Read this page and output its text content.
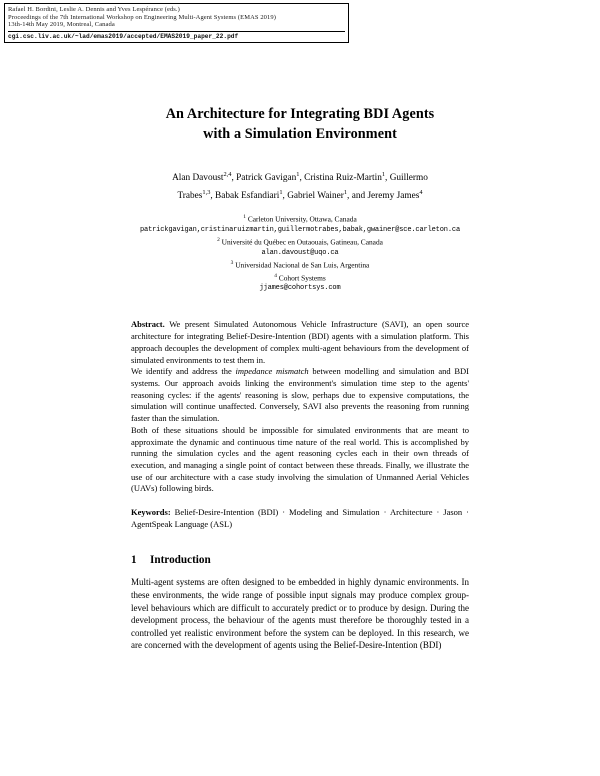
Rafael H. Bordini, Leslie A. Dennis and Yves Lespérance (eds.)
Proceedings of the 7th International Workshop on Engineering Multi-Agent Systems (EMAS 2019)
13th-14th May 2019, Montreal, Canada
cgi.csc.liv.ac.uk/~lad/emas2019/accepted/EMAS2019_paper_22.pdf
An Architecture for Integrating BDI Agents
with a Simulation Environment
Alan Davoust$^{2,4}$, Patrick Gavigan$^1$, Cristina Ruiz-Martin$^1$, Guillermo
Trabes$^{1,3}$, Babak Esfandiari$^1$, Gabriel Wainer$^1$, and Jeremy James$^4$
$^1$ Carleton University, Ottawa, Canada
patrickgavigan,cristinaruizmartin,guillermotrabes,babak,gwainer@sce.carleton.ca
$^2$ Université du Québec en Outaouais, Gatineau, Canada
alan.davoust@uqo.ca
$^3$ Universidad Nacional de San Luis, Argentina
$^4$ Cohort Systems
jjames@cohortsys.com

Abstract. We present Simulated Autonomous Vehicle Infrastructure (SAVI), an open source architecture for integrating Belief-Desire-Intention (BDI) agents with a simulation platform. This approach decouples the development of complex multi-agent behaviours from the development of simulated environments to test them in.

We identify and address the impedance mismatch between modelling and simulation and BDI systems. Our approach avoids linking the environment's simulation time step to the agents' reasoning cycles: if the agents' reasoning is slow, perhaps due to expensive computations, the simulation will continue unaffected. Conversely, SAVI also prevents the reasoning from running faster than the simulation.

Both of these situations should be impossible for simulated environments that are meant to approximate the dynamic and continuous time nature of the real world. This is accomplished by running the simulation cycles and the agent reasoning cycles each in their own threads of execution, and managing a single point of contact between these threads. Finally, we illustrate the use of our architecture with a case study involving the simulation of Unmanned Aerial Vehicles (UAVs) following birds.

Keywords: Belief-Desire-Intention (BDI) · Modeling and Simulation · Architecture · Jason · AgentSpeak Language (ASL)
1 Introduction

Multi-agent systems are often designed to be embedded in highly dynamic environments. In these environments, the wide range of possible input signals may produce complex group-level behaviours which are difficult to accurately predict or to produce by design. During the development process, the behaviour of the agents must therefore be thoroughly tested in a controlled yet realistic environment before the system can be deployed. In this research, we are concerned with the development of agents using the Belief-Desire-Intention (BDI)
